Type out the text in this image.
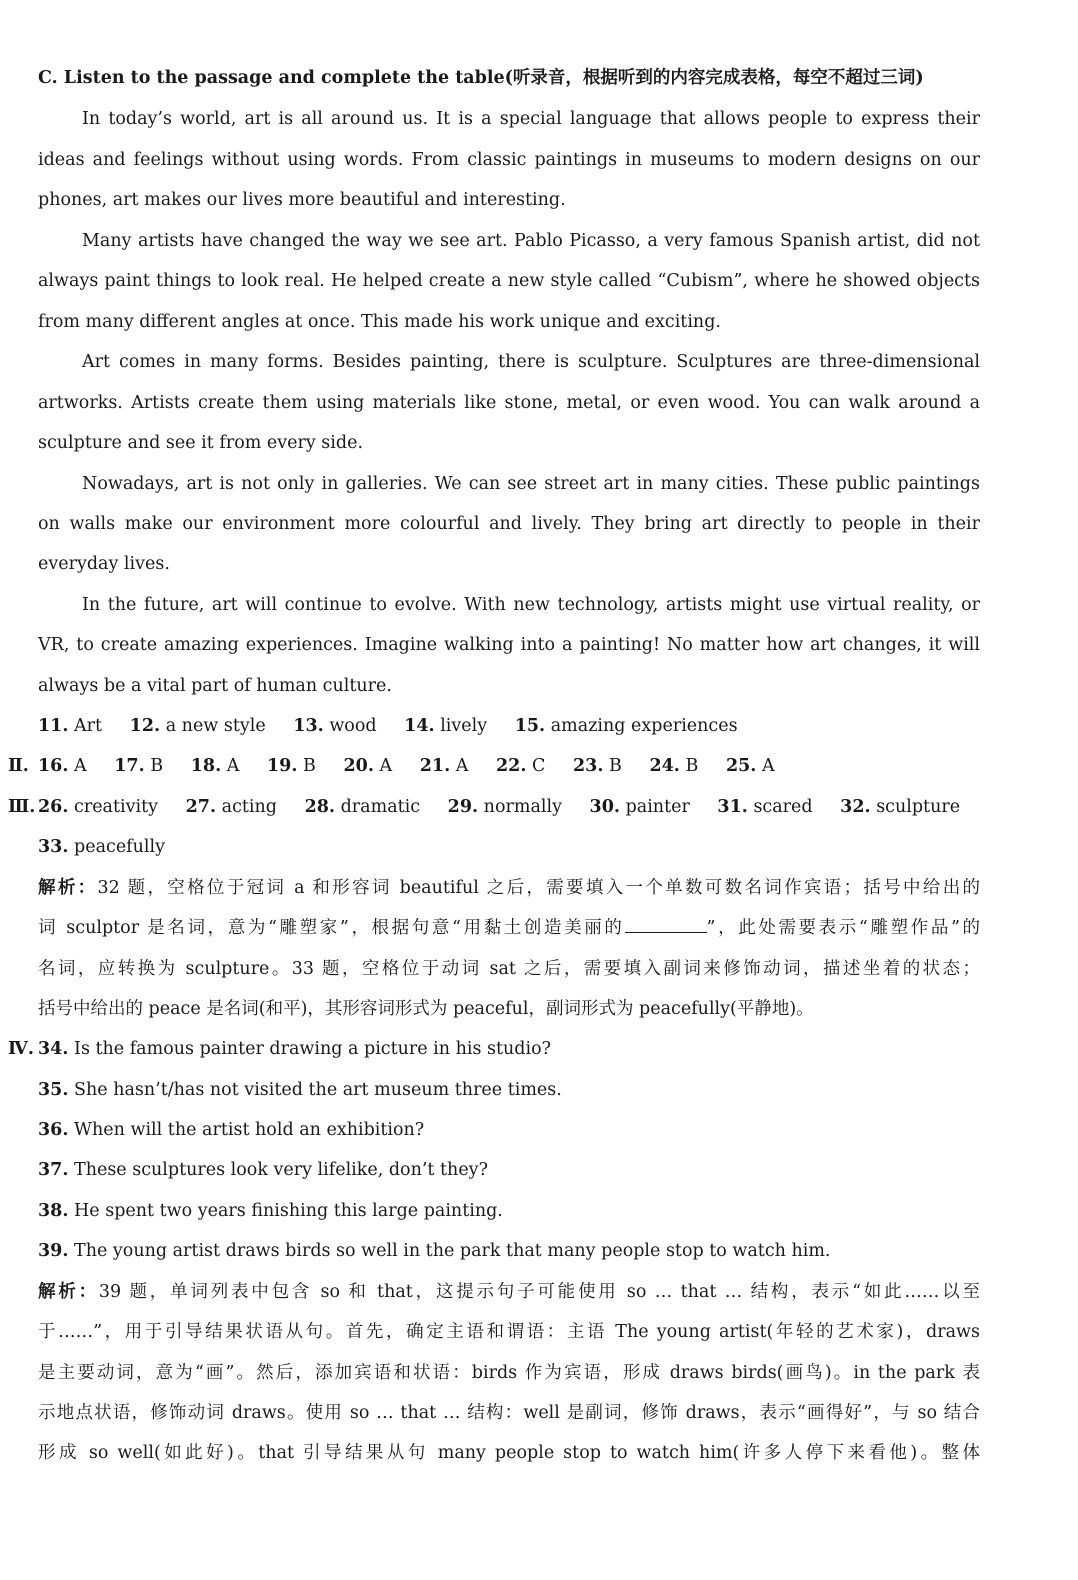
C. Listen to the passage and complete the table(听录音，根据听到的内容完成表格，每空不超过三词)
In today’s world, art is all around us. It is a special language that allows people to express their
ideas and feelings without using words. From classic paintings in museums to modern designs on our
phones, art makes our lives more beautiful and interesting.
Many artists have changed the way we see art. Pablo Picasso, a very famous Spanish artist, did not
always paint things to look real. He helped create a new style called “Cubism”, where he showed objects
from many different angles at once. This made his work unique and exciting.
Art comes in many forms. Besides painting, there is sculpture. Sculptures are three-dimensional
artworks. Artists create them using materials like stone, metal, or even wood. You can walk around a
sculpture and see it from every side.
Nowadays, art is not only in galleries. We can see street art in many cities. These public paintings
on walls make our environment more colourful and lively. They bring art directly to people in their
everyday lives.
In the future, art will continue to evolve. With new technology, artists might use virtual reality, or
VR, to create amazing experiences. Imagine walking into a painting! No matter how art changes, it will
always be a vital part of human culture.
11. Art 12. a new style 13. wood 14. lively 15. amazing experiences
Ⅱ. 16. A 17. B 18. A 19. B 20. A 21. A 22. C 23. B 24. B 25. A
Ⅲ. 26. creativity 27. acting 28. dramatic 29. normally 30. painter 31. scared 32. sculpture
33. peacefully
解析：32 题，空格位于冠词 a 和形容词 beautiful 之后，需要填入一个单数可数名词作宾语；括号中给出的
词 sculptor 是名词，意为“雕塑家”，根据句意“用黏土创造美丽的	”，此处需要表示“雕塑作品”的
名词，应转换为 sculpture。33 题，空格位于动词 sat 之后，需要填入副词来修饰动词，描述坐着的状态；
括号中给出的 peace 是名词(和平)，其形容词形式为 peaceful，副词形式为 peacefully(平静地)。
Ⅳ. 34. Is the famous painter drawing a picture in his studio?
35. She hasn’t/has not visited the art museum three times.
36. When will the artist hold an exhibition?
37. These sculptures look very lifelike, don’t they?
38. He spent two years finishing this large painting.
39. The young artist draws birds so well in the park that many people stop to watch him.
解析：39 题，单词列表中包含 so 和 that，这提示句子可能使用 so … that … 结构，表示“如此……以至
于……”，用于引导结果状语从句。首先，确定主语和谓语：主语 The young artist(年轻的艺术家)，draws
是主要动词，意为“画”。然后，添加宾语和状语：birds 作为宾语，形成 draws birds(画鸟)。in the park 表
示地点状语，修饰动词 draws。使用 so … that … 结构：well 是副词，修饰 draws，表示“画得好”，与 so 结合
形成 so well(如此好)。that 引导结果从句 many people stop to watch him(许多人停下来看他)。整体
